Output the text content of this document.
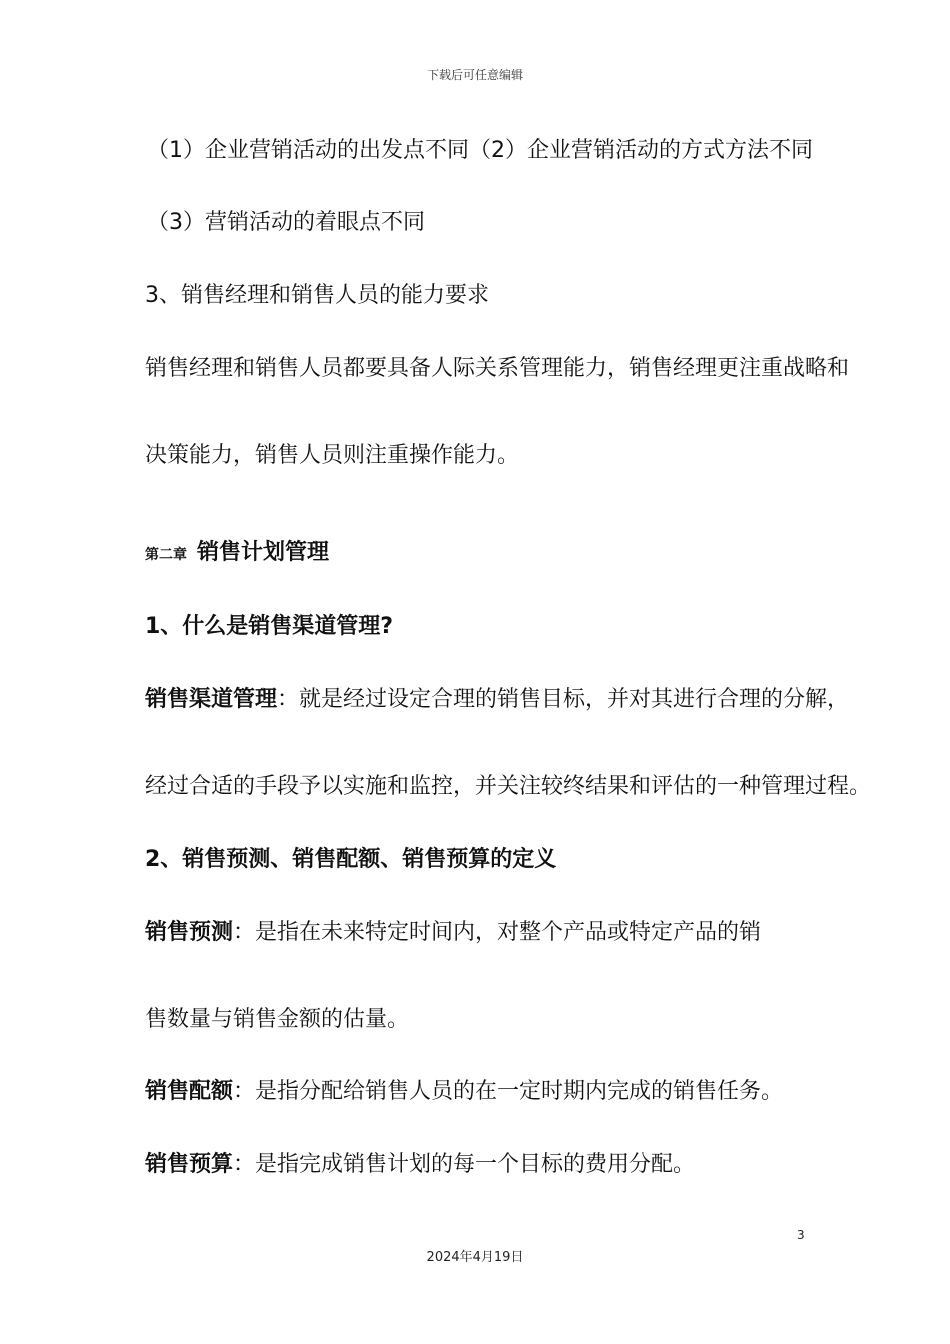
下载后可任意编辑
（1）企业营销活动的出发点不同（2）企业营销活动的方式方法不同
（3）营销活动的着眼点不同
3、销售经理和销售人员的能力要求
销售经理和销售人员都要具备人际关系管理能力，销售经理更注重战略和
决策能力，销售人员则注重操作能力。
第二章 销售计划管理
1、什么是销售渠道管理?
销售渠道管理：就是经过设定合理的销售目标，并对其进行合理的分解，
经过合适的手段予以实施和监控，并关注较终结果和评估的一种管理过程。
2、销售预测、销售配额、销售预算的定义
销售预测：是指在未来特定时间内，对整个产品或特定产品的销
售数量与销售金额的估量。
销售配额：是指分配给销售人员的在一定时期内完成的销售任务。
销售预算：是指完成销售计划的每一个目标的费用分配。
3
2024年4月19日
